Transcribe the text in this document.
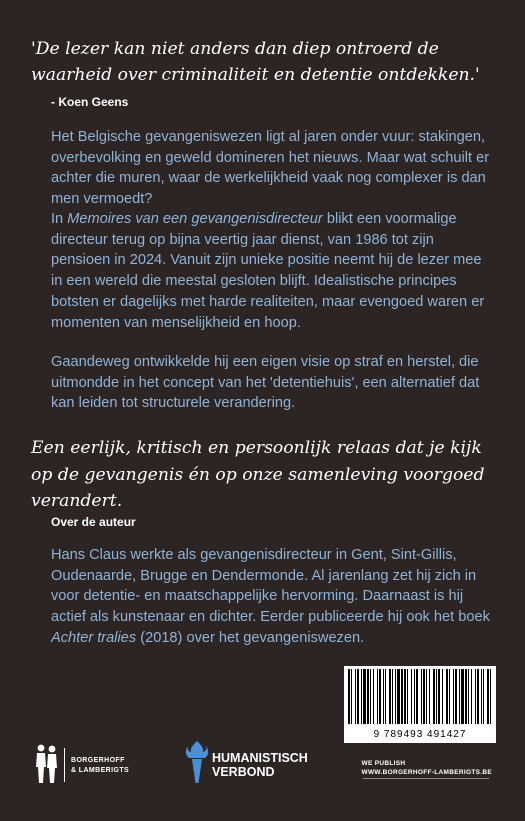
'De lezer kan niet anders dan diep ontroerd de waarheid over criminaliteit en detentie ontdekken.'
- Koen Geens
Het Belgische gevangeniswezen ligt al jaren onder vuur: stakingen, overbevolking en geweld domineren het nieuws. Maar wat schuilt er achter die muren, waar de werkelijkheid vaak nog complexer is dan men vermoedt?
In Memoires van een gevangenisdirecteur blikt een voormalige directeur terug op bijna veertig jaar dienst, van 1986 tot zijn pensioen in 2024. Vanuit zijn unieke positie neemt hij de lezer mee in een wereld die meestal gesloten blijft. Idealistische principes botsten er dagelijks met harde realiteiten, maar evengoed waren er momenten van menselijkheid en hoop.
Gaandeweg ontwikkelde hij een eigen visie op straf en herstel, die uitmondde in het concept van het 'detentiehuis', een alternatief dat kan leiden tot structurele verandering.
Een eerlijk, kritisch en persoonlijk relaas dat je kijk op de gevangenis én op onze samenleving voorgoed verandert.
Over de auteur
Hans Claus werkte als gevangenisdirecteur in Gent, Sint-Gillis, Oudenaarde, Brugge en Dendermonde. Al jarenlang zet hij zich in voor detentie- en maatschappelijke hervorming. Daarnaast is hij actief als kunstenaar en dichter. Eerder publiceerde hij ook het boek Achter tralies (2018) over het gevangeniswezen.
9 789493 491427
BORGERHOFF
& LAMBERIGTS
HUMANISTISCH
VERBOND
WE PUBLISH
WWW.BORGERHOFF-LAMBERIGTS.BE
